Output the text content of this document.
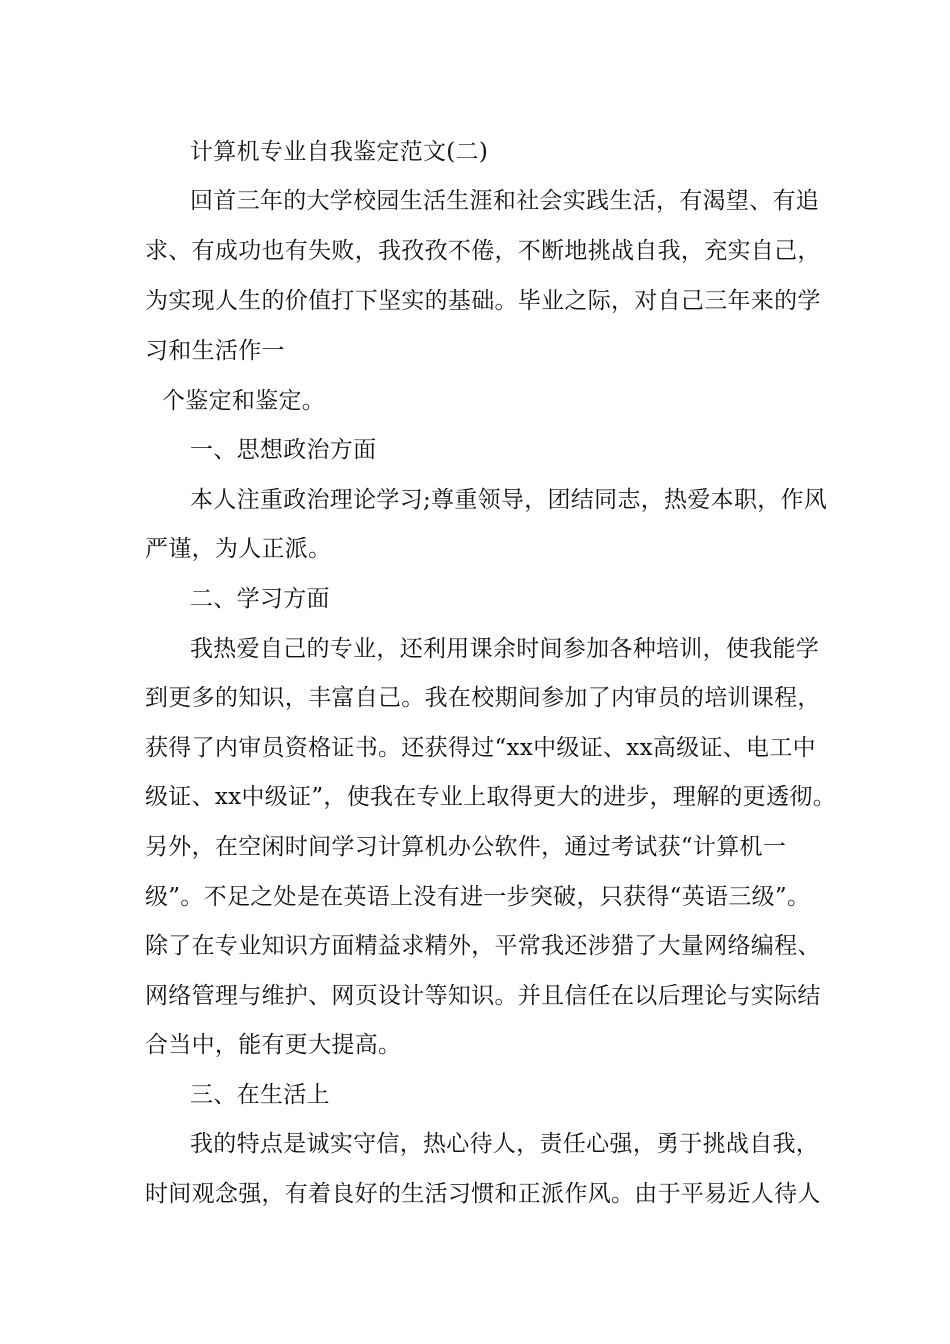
计算机专业自我鉴定范文(二)
回首三年的大学校园生活生涯和社会实践生活，有渴望、有追
求、有成功也有失败，我孜孜不倦，不断地挑战自我，充实自己，
为实现人生的价值打下坚实的基础。毕业之际，对自己三年来的学
习和生活作一
个鉴定和鉴定。
一、思想政治方面
本人注重政治理论学习;尊重领导，团结同志，热爱本职，作风
严谨，为人正派。
二、学习方面
我热爱自己的专业，还利用课余时间参加各种培训，使我能学
到更多的知识，丰富自己。我在校期间参加了内审员的培训课程，
获得了内审员资格证书。还获得过“xx中级证、xx高级证、电工中
级证、xx中级证”，使我在专业上取得更大的进步，理解的更透彻。
另外，在空闲时间学习计算机办公软件，通过考试获“计算机一
级”。不足之处是在英语上没有进一步突破，只获得“英语三级”。
除了在专业知识方面精益求精外，平常我还涉猎了大量网络编程、
网络管理与维护、网页设计等知识。并且信任在以后理论与实际结
合当中，能有更大提高。
三、在生活上
我的特点是诚实守信，热心待人，责任心强，勇于挑战自我，
时间观念强，有着良好的生活习惯和正派作风。由于平易近人待人
